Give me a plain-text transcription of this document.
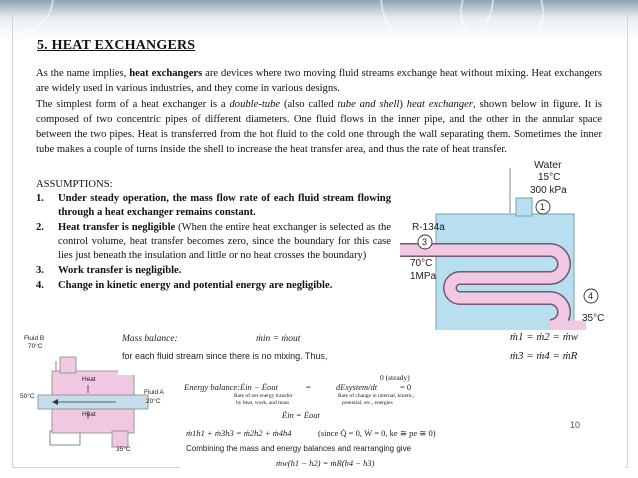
5. HEAT EXCHANGERS
As the name implies, heat exchangers are devices where two moving fluid streams exchange heat without mixing. Heat exchangers are widely used in various industries, and they come in various designs.
The simplest form of a heat exchanger is a double-tube (also called tube and shell) heat exchanger, shown below in figure. It is composed of two concentric pipes of different diameters. One fluid flows in the inner pipe, and the other in the annular space between the two pipes. Heat is transferred from the hot fluid to the cold one through the wall separating them. Sometimes the inner tube makes a couple of turns inside the shell to increase the heat transfer area, and thus the rate of heat transfer.
ASSUMPTIONS:
1.	Under steady operation, the mass flow rate of each fluid stream flowing through a heat exchanger remains constant.
2.	Heat transfer is negligible (When the entire heat exchanger is selected as the control volume, heat transfer becomes zero, since the boundary for this case lies just beneath the insulation and little or no heat crosses the boundary)
3.	Work transfer is negligible.
4.	Change in kinetic energy and potential energy are negligible.
Water
15°C
300 kPa
1
R-134a
3
70°C
1MPa
4
35°C
Fluid B
70°C
Heat
Heat
Fluid A
20°C
50°C
35°C
Mass balance:	ṁin = ṁout	ṁ1 = ṁ2 = ṁw
for each fluid stream since there is no mixing. Thus,	ṁ3 = ṁ4 = ṁR
Energy balance: Ėin − Ėout	=	dEsystem/dt
0 (steady)
= 0
Rate of net energy transfer
by heat, work, and mass
Rate of change in internal, kinetic,
potential, etc., energies
Ėin = Ėout
ṁ1h1 + ṁ3h3 = ṁ2h2 + ṁ4h4	(since Q̇ = 0, Ẇ = 0, ke ≅ pe ≅ 0)
Combining the mass and energy balances and rearranging give
ṁw(h1 − h2) = ṁR(h4 − h3)
10
